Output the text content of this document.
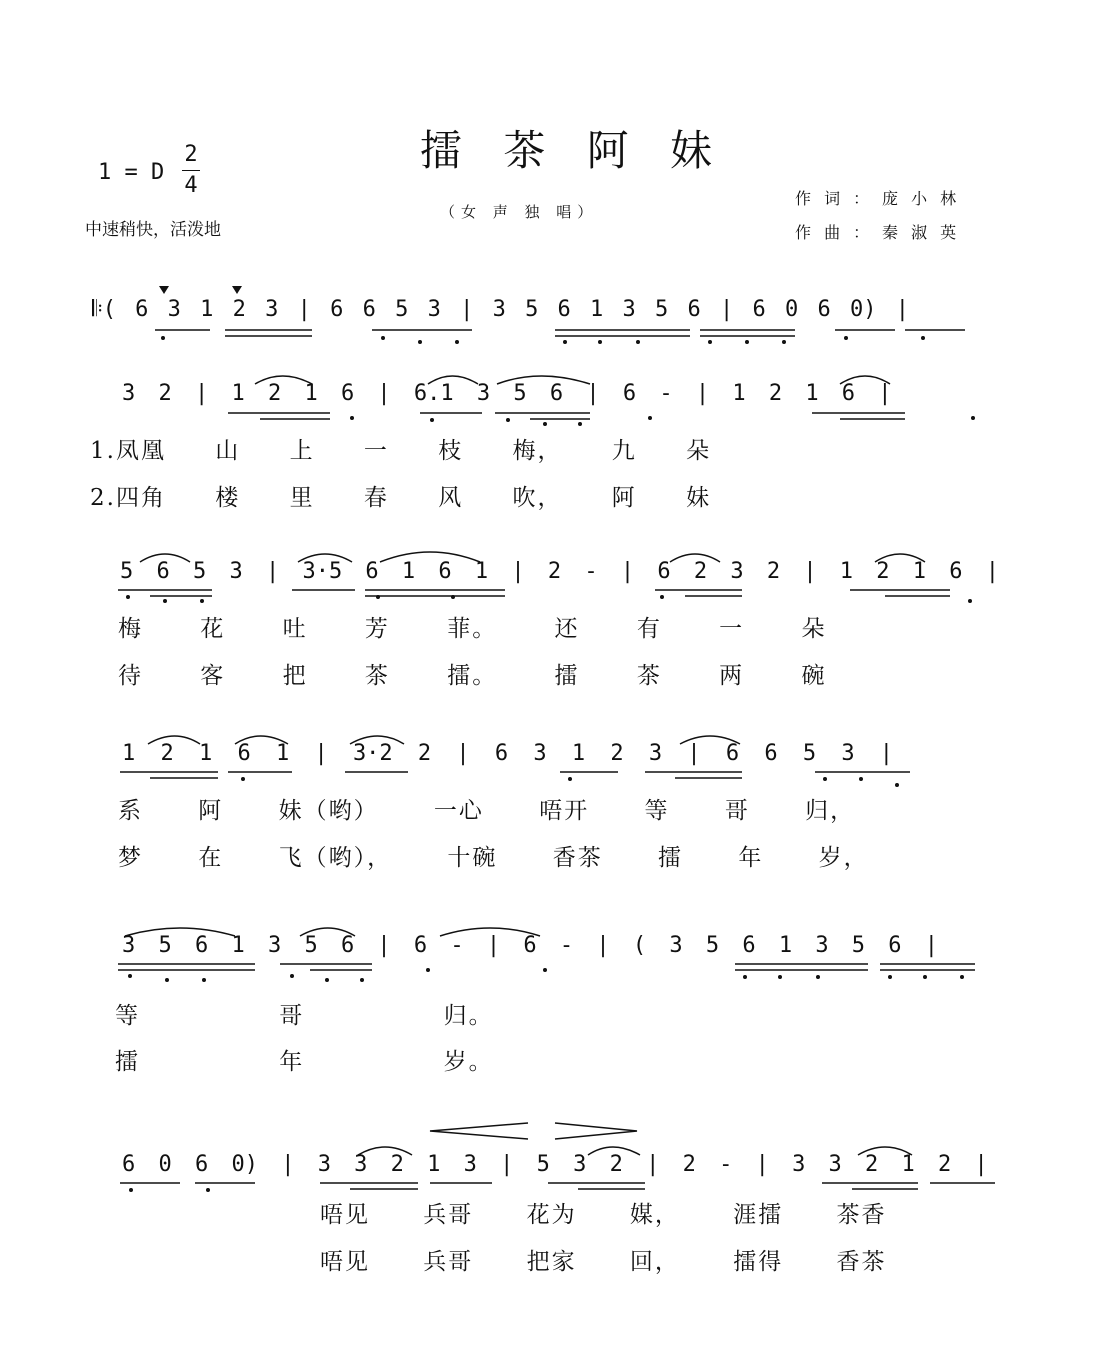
擂 茶 阿 妹
1 = D
2
4
中速稍快，活泼地
（女 声 独 唱）
作 词 ： 庞 小 林
作 曲 ： 秦 淑 英
𝄆( 6 3 1 2 3 | 6 6 5 3 | 3 5 6 1 3 5 6 | 6 0 6 0) |
3 2 | 1 2 1 6 | 6.1 3 5 6 | 6 - | 1 2 1 6 |
1.凤凰 山 上 一 枝 梅， 九 朵
2.四角 楼 里 春 风 吹， 阿 妹
5 6 5 3 | 3·5 6 1 6 1 | 2 - | 6 2 3 2 | 1 2 1 6 |
梅 花 吐 芳 菲。 还 有 一 朵
待 客 把 茶 擂。 擂 茶 两 碗
1 2 1 6 1 | 3·2 2 | 6 3 1 2 3 | 6 6 5 3 |
系 阿 妹（哟） 一心 唔开 等 哥 归，
梦 在 飞（哟）， 十碗 香茶 擂 年 岁，
3 5 6 1 3 5 6 | 6 - | 6 - | ( 3 5 6 1 3 5 6 |
等 哥 归。
擂 年 岁。
6 0 6 0) | 3 3 2 1 3 | 5 3 2 | 2 - | 3 3 2 1 2 |
唔见 兵哥 花为 媒， 涯擂 茶香
唔见 兵哥 把家 回， 擂得 香茶
